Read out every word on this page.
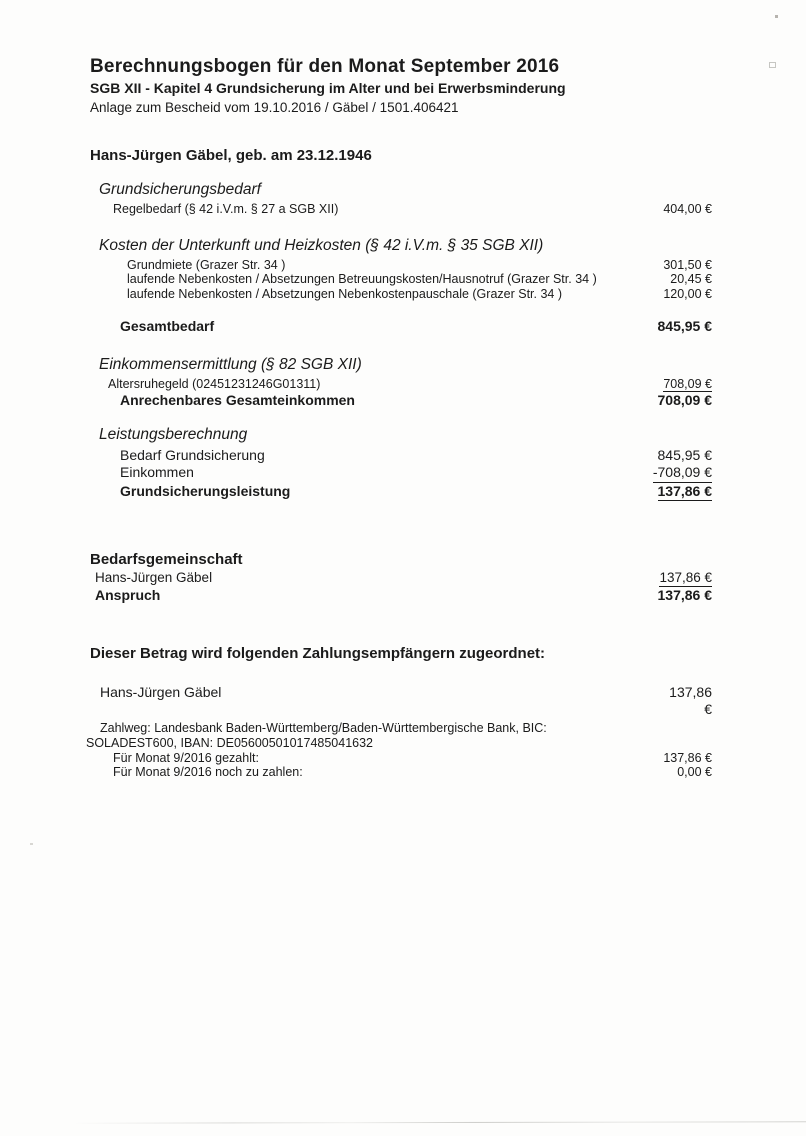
Berechnungsbogen für den Monat September 2016
SGB XII - Kapitel 4 Grundsicherung im Alter und bei Erwerbsminderung
Anlage zum Bescheid vom 19.10.2016 / Gäbel / 1501.406421
Hans-Jürgen Gäbel, geb. am 23.12.1946
Grundsicherungsbedarf
Regelbedarf (§ 42 i.V.m. § 27 a SGB XII)	404,00 €
Kosten der Unterkunft und Heizkosten (§ 42 i.V.m. § 35 SGB XII)
Grundmiete (Grazer Str. 34 )	301,50 €
laufende Nebenkosten / Absetzungen Betreuungskosten/Hausnotruf (Grazer Str. 34 )	20,45 €
laufende Nebenkosten / Absetzungen Nebenkostenpauschale (Grazer Str. 34 )	120,00 €
Gesamtbedarf	845,95 €
Einkommensermittlung (§ 82 SGB XII)
Altersruhegeld (02451231246G01311)	708,09 €
Anrechenbares Gesamteinkommen	708,09 €
Leistungsberechnung
Bedarf Grundsicherung	845,95 €
Einkommen	-708,09 €
Grundsicherungsleistung	137,86 €
Bedarfsgemeinschaft
Hans-Jürgen Gäbel	137,86 €
Anspruch	137,86 €
Dieser Betrag wird folgenden Zahlungsempfängern zugeordnet:
Hans-Jürgen Gäbel	137,86
€
Zahlweg: Landesbank Baden-Württemberg/Baden-Württembergische Bank, BIC:
SOLADEST600, IBAN: DE05600501017485041632
Für Monat 9/2016 gezahlt:	137,86 €
Für Monat 9/2016 noch zu zahlen:	0,00 €
